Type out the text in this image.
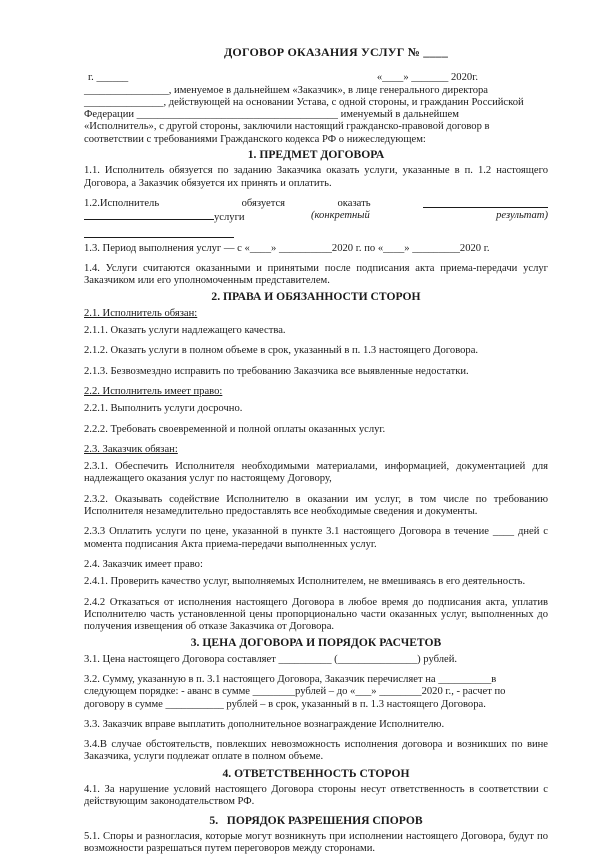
ДОГОВОР ОКАЗАНИЯ УСЛУГ № ____
г. ______	«____» _______ 2020г.
________________, именуемое в дальнейшем «Заказчик», в лице генерального директора
_______________, действующей на основании Устава, с одной стороны, и гражданин Российской
Федерации ______________________________________ именуемый в дальнейшем
«Исполнитель», с другой стороны, заключили настоящий гражданско-правовой договор в
соответствии с требованиями Гражданского кодекса РФ о нижеследующем:
1. ПРЕДМЕТ ДОГОВОРА
1.1. Исполнитель обязуется по заданию Заказчика оказать услуги, указанные в п. 1.2 настоящего Договора, а Заказчик обязуется их принять и оплатить.
1.2.Исполнитель	обязуется	оказать
услуги	(конкретный	результат)
1.3. Период выполнения услуг — с «____» __________2020 г. по «____» _________2020 г.
1.4. Услуги считаются оказанными и принятыми после подписания акта приема-передачи услуг Заказчиком или его уполномоченным представителем.
2. ПРАВА И ОБЯЗАННОСТИ СТОРОН
2.1. Исполнитель обязан:
2.1.1. Оказать услуги надлежащего качества.
2.1.2. Оказать услуги в полном объеме в срок, указанный в п. 1.3 настоящего Договора.
2.1.3. Безвозмездно исправить по требованию Заказчика все выявленные недостатки.
2.2. Исполнитель имеет право:
2.2.1. Выполнить услуги досрочно.
2.2.2. Требовать своевременной и полной оплаты оказанных услуг.
2.3. Заказчик обязан:
2.3.1. Обеспечить Исполнителя необходимыми материалами, информацией, документацией для надлежащего оказания услуг по настоящему Договору,
2.3.2. Оказывать содействие Исполнителю в оказании им услуг, в том числе по требованию Исполнителя незамедлительно предоставлять все необходимые сведения и документы.
2.3.3 Оплатить услуги по цене, указанной в пункте 3.1 настоящего Договора в течение ____ дней с момента подписания Акта приема-передачи выполненных услуг.
2.4. Заказчик имеет право:
2.4.1. Проверить качество услуг, выполняемых Исполнителем, не вмешиваясь в его деятельность.
2.4.2 Отказаться от исполнения настоящего Договора в любое время до подписания акта, уплатив Исполнителю часть установленной цены пропорционально части оказанных услуг, выполненных до получения извещения об отказе Заказчика от Договора.
3. ЦЕНА ДОГОВОРА И ПОРЯДОК РАСЧЕТОВ
3.1. Цена настоящего Договора составляет __________ (_______________) рублей.
3.2. Сумму, указанную в п. 3.1 настоящего Договора, Заказчик перечисляет на __________в
следующем порядке: - аванс в сумме ________рублей – до «___» ________2020 г., - расчет по
договору в сумме ___________ рублей – в срок, указанный в п. 1.3 настоящего Договора.
3.3. Заказчик вправе выплатить дополнительное вознаграждение Исполнителю.
3.4.В случае обстоятельств, повлекших невозможность исполнения договора и возникших по вине Заказчика, услуги подлежат оплате в полном объеме.
4. ОТВЕТСТВЕННОСТЬ СТОРОН
4.1. За нарушение условий настоящего Договора стороны несут ответственность в соответствии с действующим законодательством РФ.
5.   ПОРЯДОК РАЗРЕШЕНИЯ СПОРОВ
5.1. Споры и разногласия, которые могут возникнуть при исполнении настоящего Договора, будут по возможности разрешаться путем переговоров между сторонами.
